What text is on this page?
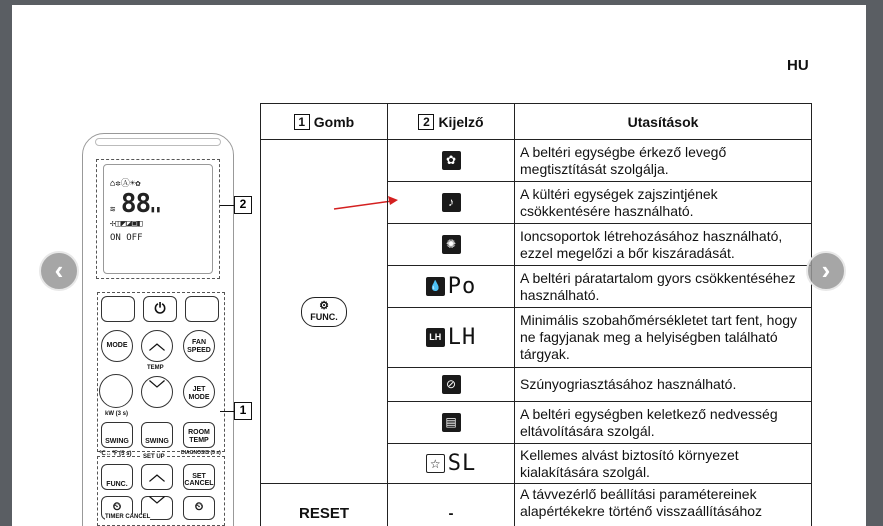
HU
⌂✲Ⓐ☀✿
≋ 88▮▮
✢◫◩◪▣◧
ON OFF
⏻
MODE	︿	FAN SPEED
TEMP
﹀	JET MODE
kW (3 s)
SWING	SWING
ROOM TEMP
℃↔℉ (5 s)	DIAGNOSIS (5 s)
SET UP
FUNC.
︿	SET CANCEL
⏲	﹀	⏲
TIMER CANCEL
2
1
1 Gomb	2 Kijelző	Utasítások
⚙
FUNC.	✿	A beltéri egységbe érkező levegő megtisztítását szolgálja.
	♪	A kültéri egységek zajszintjének csökkentésére használható.
	✺	Ioncsoportok létrehozásához használható, ezzel megelőzi a bőr kiszáradását.
	💧 Po	A beltéri páratartalom gyors csökkentéséhez használható.
	LH LH	Minimális szobahőmérsékletet tart fent, hogy ne fagyjanak meg a helyiségben található tárgyak.
	⊘	Szúnyogriasztásához használható.
	▤	A beltéri egységben keletkező nedvesség eltávolítására szolgál.
	☆ SL	Kellemes alvást biztosító környezet kialakítására szolgál.
RESET	-	A távvezérlő beállítási paramétereinek alapértékekre történő visszaállításához
‹	›
